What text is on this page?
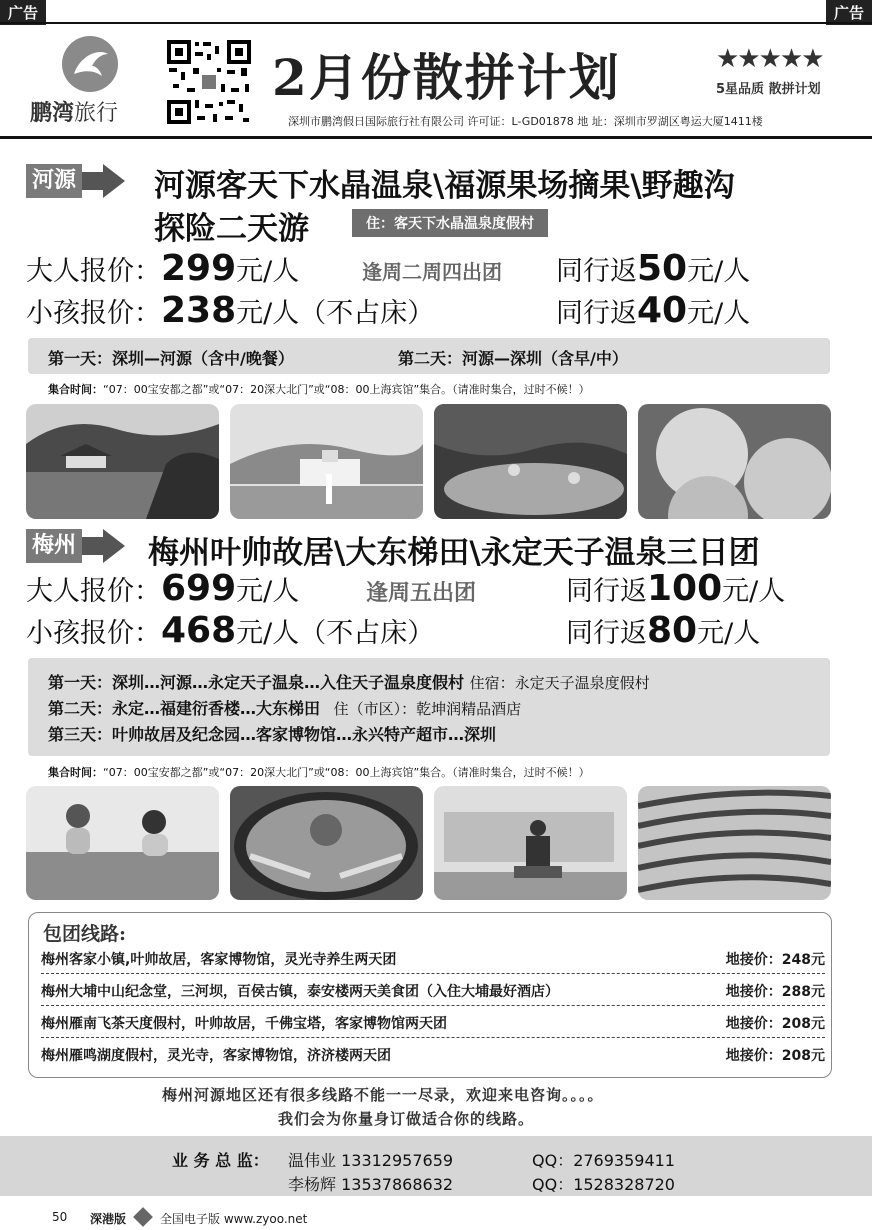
广告	广告
鹏湾旅行
2月份散拼计划	★★★★★
5星品质 散拼计划
深圳市鹏湾假日国际旅行社有限公司 许可证：L-GD01878 地 址：深圳市罗湖区粤运大厦1411楼
河源	河源客天下水晶温泉\福源果场摘果\野趣沟
探险二天游	住：客天下水晶温泉度假村
大人报价：299元/人	逢周二周四出团 同行返50元/人
小孩报价：238元/人（不占床）	同行返40元/人
第一天：深圳—河源（含中/晚餐）	第二天：河源—深圳（含早/中）
集合时间：“07：00宝安都之都”或“07：20深大北门”或“08：00上海宾馆”集合。（请准时集合，过时不候！）
梅州 梅州叶帅故居\大东梯田\永定天子温泉三日团
大人报价：699元/人	逢周五出团	同行返100元/人
小孩报价：468元/人（不占床）	同行返80元/人
第一天：深圳…河源…永定天子温泉…入住天子温泉度假村 住宿：永定天子温泉度假村
第二天：永定…福建衍香楼…大东梯田 住（市区）：乾坤润精品酒店
第三天：叶帅故居及纪念园…客家博物馆…永兴特产超市…深圳
集合时间：“07：00宝安都之都”或“07：20深大北门”或“08：00上海宾馆”集合。（请准时集合，过时不候！）
包团线路:
梅州客家小镇,叶帅故居，客家博物馆，灵光寺养生两天团	地接价：248元
梅州大埔中山纪念堂，三河坝，百侯古镇，泰安楼两天美食团（入住大埔最好酒店）	地接价：288元
梅州雁南飞茶天度假村，叶帅故居，千佛宝塔，客家博物馆两天团	地接价：208元
梅州雁鸣湖度假村，灵光寺，客家博物馆，济济楼两天团	地接价：208元
梅州河源地区还有很多线路不能一一尽录，欢迎来电咨询。。。。
我们会为你量身订做适合你的线路。
业 务 总 监： 温伟业 13312957659	QQ：2769359411
李杨辉 13537868632	QQ：1528328720
50 深港版	全国电子版 www.zyoo.net
